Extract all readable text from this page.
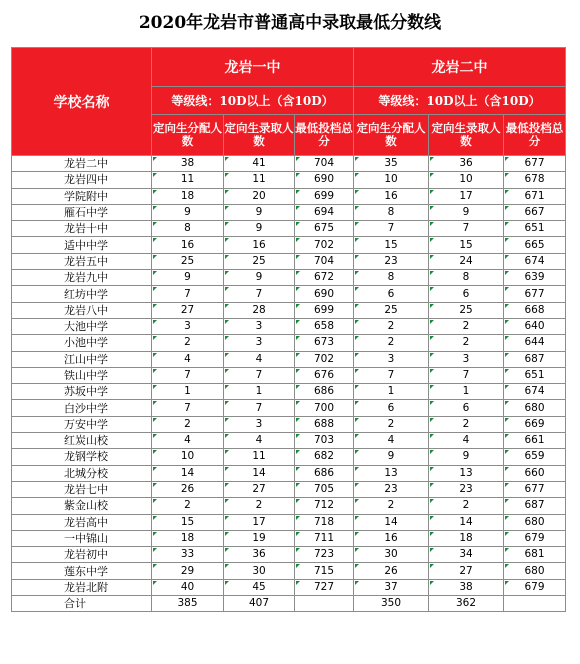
2020年龙岩市普通高中录取最低分数线
学校名称	龙岩一中			龙岩二中		
	等级线：10D以上（含10D）			等级线：10D以上（含10D）		
	定向生分配人数	定向生录取人数	最低投档总分	定向生分配人数	定向生录取人数	最低投档总分
龙岩二中	38	41	704	35	36	677
龙岩四中	11	11	690	10	10	678
学院附中	18	20	699	16	17	671
雁石中学	9	9	694	8	9	667
龙岩十中	8	9	675	7	7	651
适中中学	16	16	702	15	15	665
龙岩五中	25	25	704	23	24	674
龙岩九中	9	9	672	8	8	639
红坊中学	7	7	690	6	6	677
龙岩八中	27	28	699	25	25	668
大池中学	3	3	658	2	2	640
小池中学	2	3	673	2	2	644
江山中学	4	4	702	3	3	687
铁山中学	7	7	676	7	7	651
苏坂中学	1	1	686	1	1	674
白沙中学	7	7	700	6	6	680
万安中学	2	3	688	2	2	669
红炭山校	4	4	703	4	4	661
龙钢学校	10	11	682	9	9	659
北城分校	14	14	686	13	13	660
龙岩七中	26	27	705	23	23	677
紫金山校	2	2	712	2	2	687
龙岩高中	15	17	718	14	14	680
一中锦山	18	19	711	16	18	679
龙岩初中	33	36	723	30	34	681
莲东中学	29	30	715	26	27	680
龙岩北附	40	45	727	37	38	679
合计	385	407		350	362	
